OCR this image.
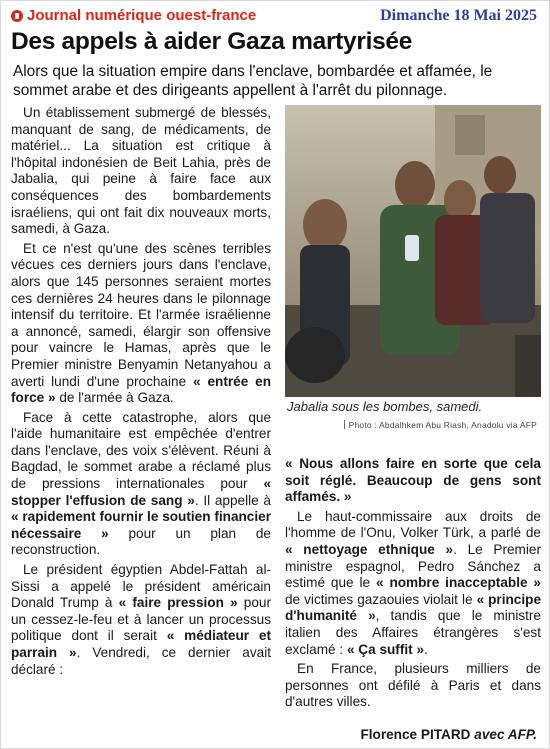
Journal numérique ouest-france	Dimanche 18 Mai 2025
Des appels à aider Gaza martyrisée

Alors que la situation empire dans l'enclave, bombardée et affamée, le sommet arabe et des dirigeants appellent à l'arrêt du pilonnage.

Un établissement submergé de blessés, manquant de sang, de médicaments, de matériel... La situation est critique à l'hôpital indonésien de Beit Lahia, près de Jabalia, qui peine à faire face aux conséquences des bombardements israéliens, qui ont fait dix nouveaux morts, samedi, à Gaza.

Et ce n'est qu'une des scènes terribles vécues ces derniers jours dans l'enclave, alors que 145 personnes seraient mortes ces dernières 24 heures dans le pilonnage intensif du territoire. Et l'armée israélienne a annoncé, samedi, élargir son offensive pour vaincre le Hamas, après que le Premier ministre Benyamin Netanyahou a averti lundi d'une prochaine « entrée en force » de l'armée à Gaza.

Face à cette catastrophe, alors que l'aide humanitaire est empêchée d'entrer dans l'enclave, des voix s'élèvent. Réuni à Bagdad, le sommet arabe a réclamé plus de pressions internationales pour « stopper l'effusion de sang ». Il appelle à « rapidement fournir le soutien financier nécessaire » pour un plan de reconstruction.

Le président égyptien Abdel-Fattah al-Sissi a appelé le président américain Donald Trump à « faire pression » pour un cessez-le-feu et à lancer un processus politique dont il serait « médiateur et parrain ». Vendredi, ce dernier avait déclaré :

Jabalia sous les bombes, samedi.
Photo : Abdalhkem Abu Riash, Anadolu via AFP

« Nous allons faire en sorte que cela soit réglé. Beaucoup de gens sont affamés. »

Le haut-commissaire aux droits de l'homme de l'Onu, Volker Türk, a parlé de « nettoyage ethnique ». Le Premier ministre espagnol, Pedro Sánchez a estimé que le « nombre inacceptable » de victimes gazaouies violait le « principe d'humanité », tandis que le ministre italien des Affaires étrangères s'est exclamé : « Ça suffit ».

En France, plusieurs milliers de personnes ont défilé à Paris et dans d'autres villes.

Florence PITARD avec AFP.
